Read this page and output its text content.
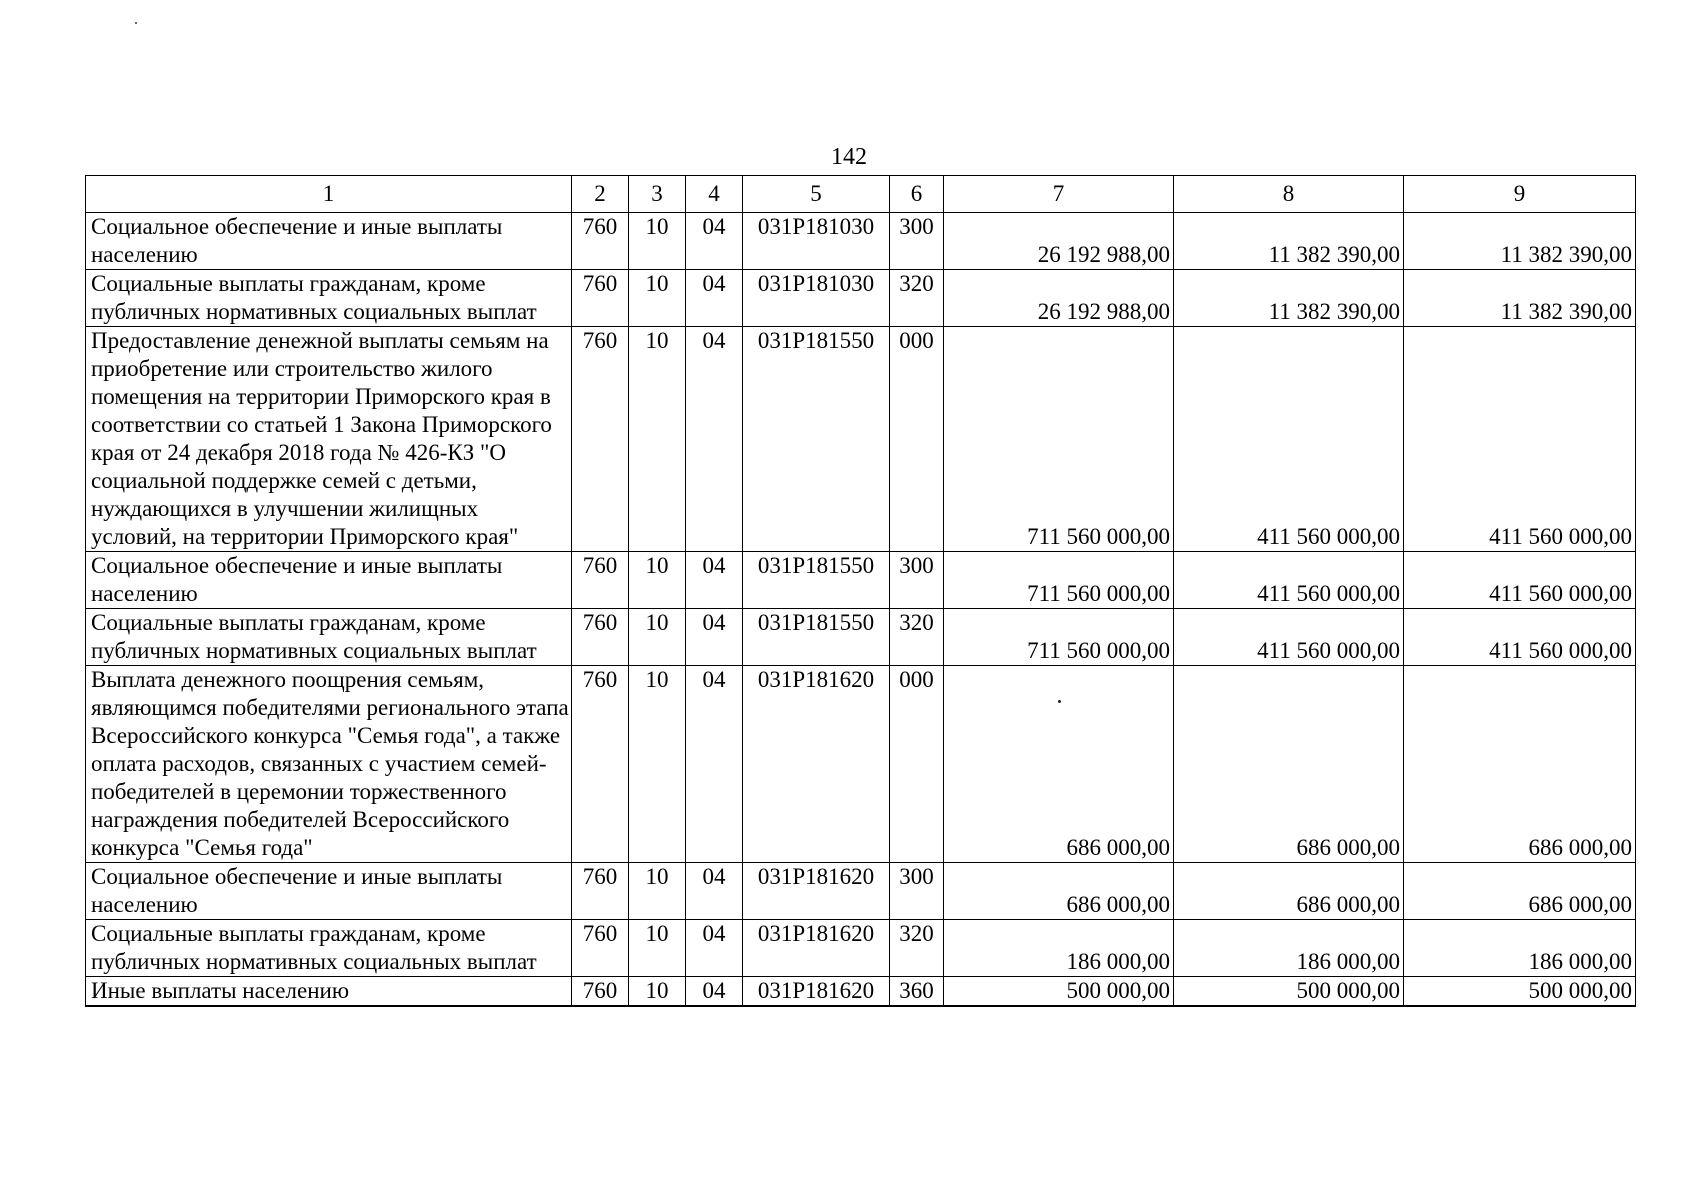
142
1	2	3	4	5	6	7	8	9
Социальное обеспечение и иные выплаты населению	760	10	04	031P181030	300	26 192 988,00	11 382 390,00	11 382 390,00
Социальные выплаты гражданам, кроме публичных нормативных социальных выплат	760	10	04	031P181030	320	26 192 988,00	11 382 390,00	11 382 390,00
Предоставление денежной выплаты семьям на приобретение или строительство жилого помещения на территории Приморского края в соответствии со статьей 1 Закона Приморского края от 24 декабря 2018 года № 426-КЗ "О социальной поддержке семей с детьми, нуждающихся в улучшении жилищных условий, на территории Приморского края"	760	10	04	031P181550	000	711 560 000,00	411 560 000,00	411 560 000,00
Социальное обеспечение и иные выплаты населению	760	10	04	031P181550	300	711 560 000,00	411 560 000,00	411 560 000,00
Социальные выплаты гражданам, кроме публичных нормативных социальных выплат	760	10	04	031P181550	320	711 560 000,00	411 560 000,00	411 560 000,00
Выплата денежного поощрения семьям, являющимся победителями регионального этапа Всероссийского конкурса "Семья года", а также оплата расходов, связанных с участием семей-победителей в церемонии торжественного награждения победителей Всероссийского конкурса "Семья года"	760	10	04	031P181620	000	686 000,00	686 000,00	686 000,00
Социальное обеспечение и иные выплаты населению	760	10	04	031P181620	300	686 000,00	686 000,00	686 000,00
Социальные выплаты гражданам, кроме публичных нормативных социальных выплат	760	10	04	031P181620	320	186 000,00	186 000,00	186 000,00
Иные выплаты населению	760	10	04	031P181620	360	500 000,00	500 000,00	500 000,00
